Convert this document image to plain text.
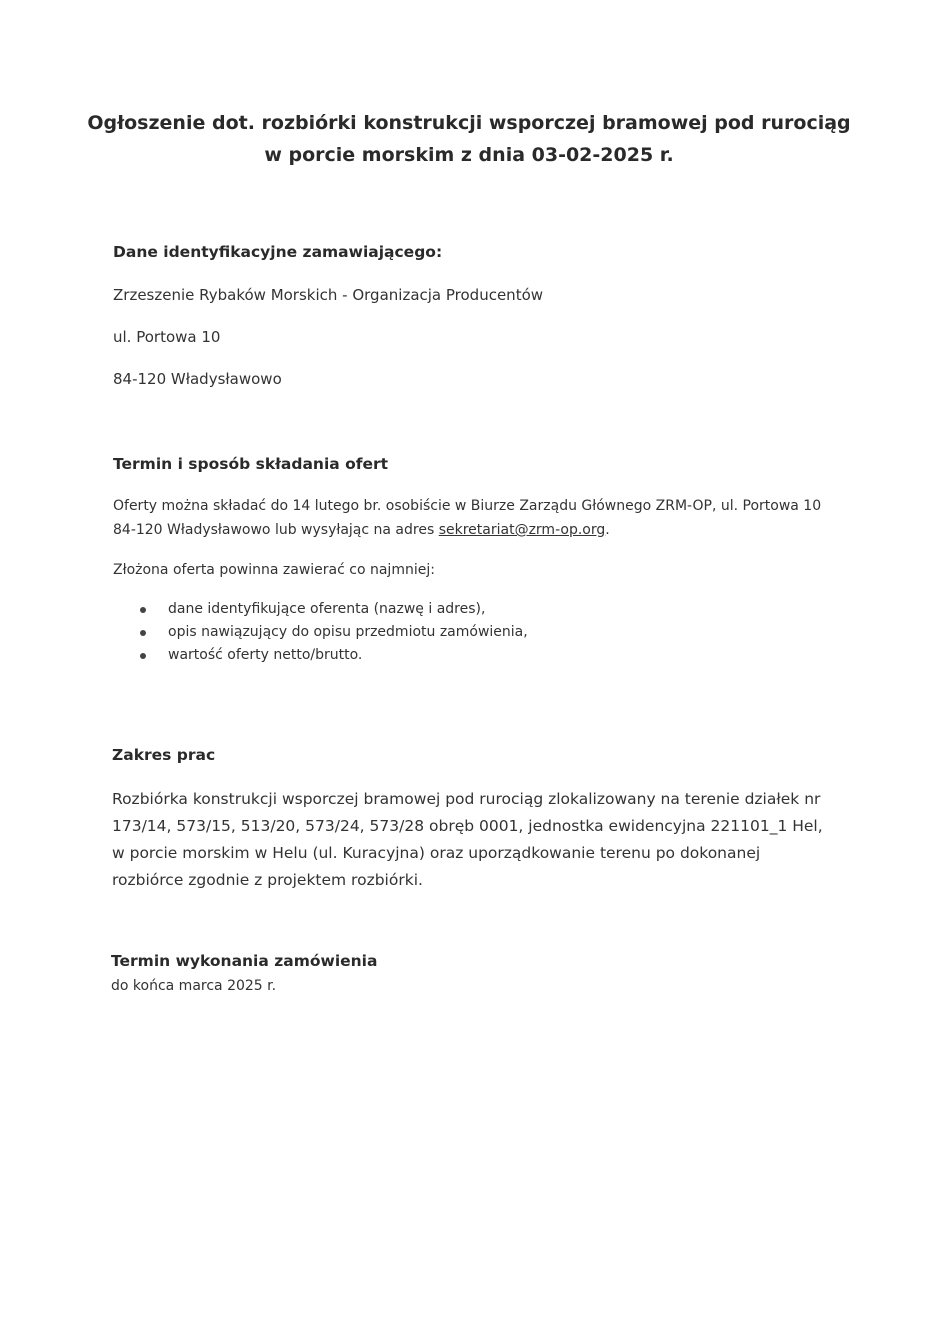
Ogłoszenie dot. rozbiórki konstrukcji wsporczej bramowej pod rurociąg
w porcie morskim z dnia 03-02-2025 r.
Dane identyfikacyjne zamawiającego:
Zrzeszenie Rybaków Morskich - Organizacja Producentów
ul. Portowa 10
84-120 Władysławowo
Termin i sposób składania ofert
Oferty można składać do 14 lutego br. osobiście w Biurze Zarządu Głównego ZRM-OP, ul. Portowa 10
84-120 Władysławowo lub wysyłając na adres sekretariat@zrm-op.org.
Złożona oferta powinna zawierać co najmniej:
dane identyfikujące oferenta (nazwę i adres),
opis nawiązujący do opisu przedmiotu zamówienia,
wartość oferty netto/brutto.
Zakres prac
Rozbiórka konstrukcji wsporczej bramowej pod rurociąg zlokalizowany na terenie działek nr
173/14, 573/15, 513/20, 573/24, 573/28 obręb 0001, jednostka ewidencyjna 221101_1 Hel,
w porcie morskim w Helu (ul. Kuracyjna) oraz uporządkowanie terenu po dokonanej
rozbiórce zgodnie z projektem rozbiórki.
Termin wykonania zamówienia
do końca marca 2025 r.
